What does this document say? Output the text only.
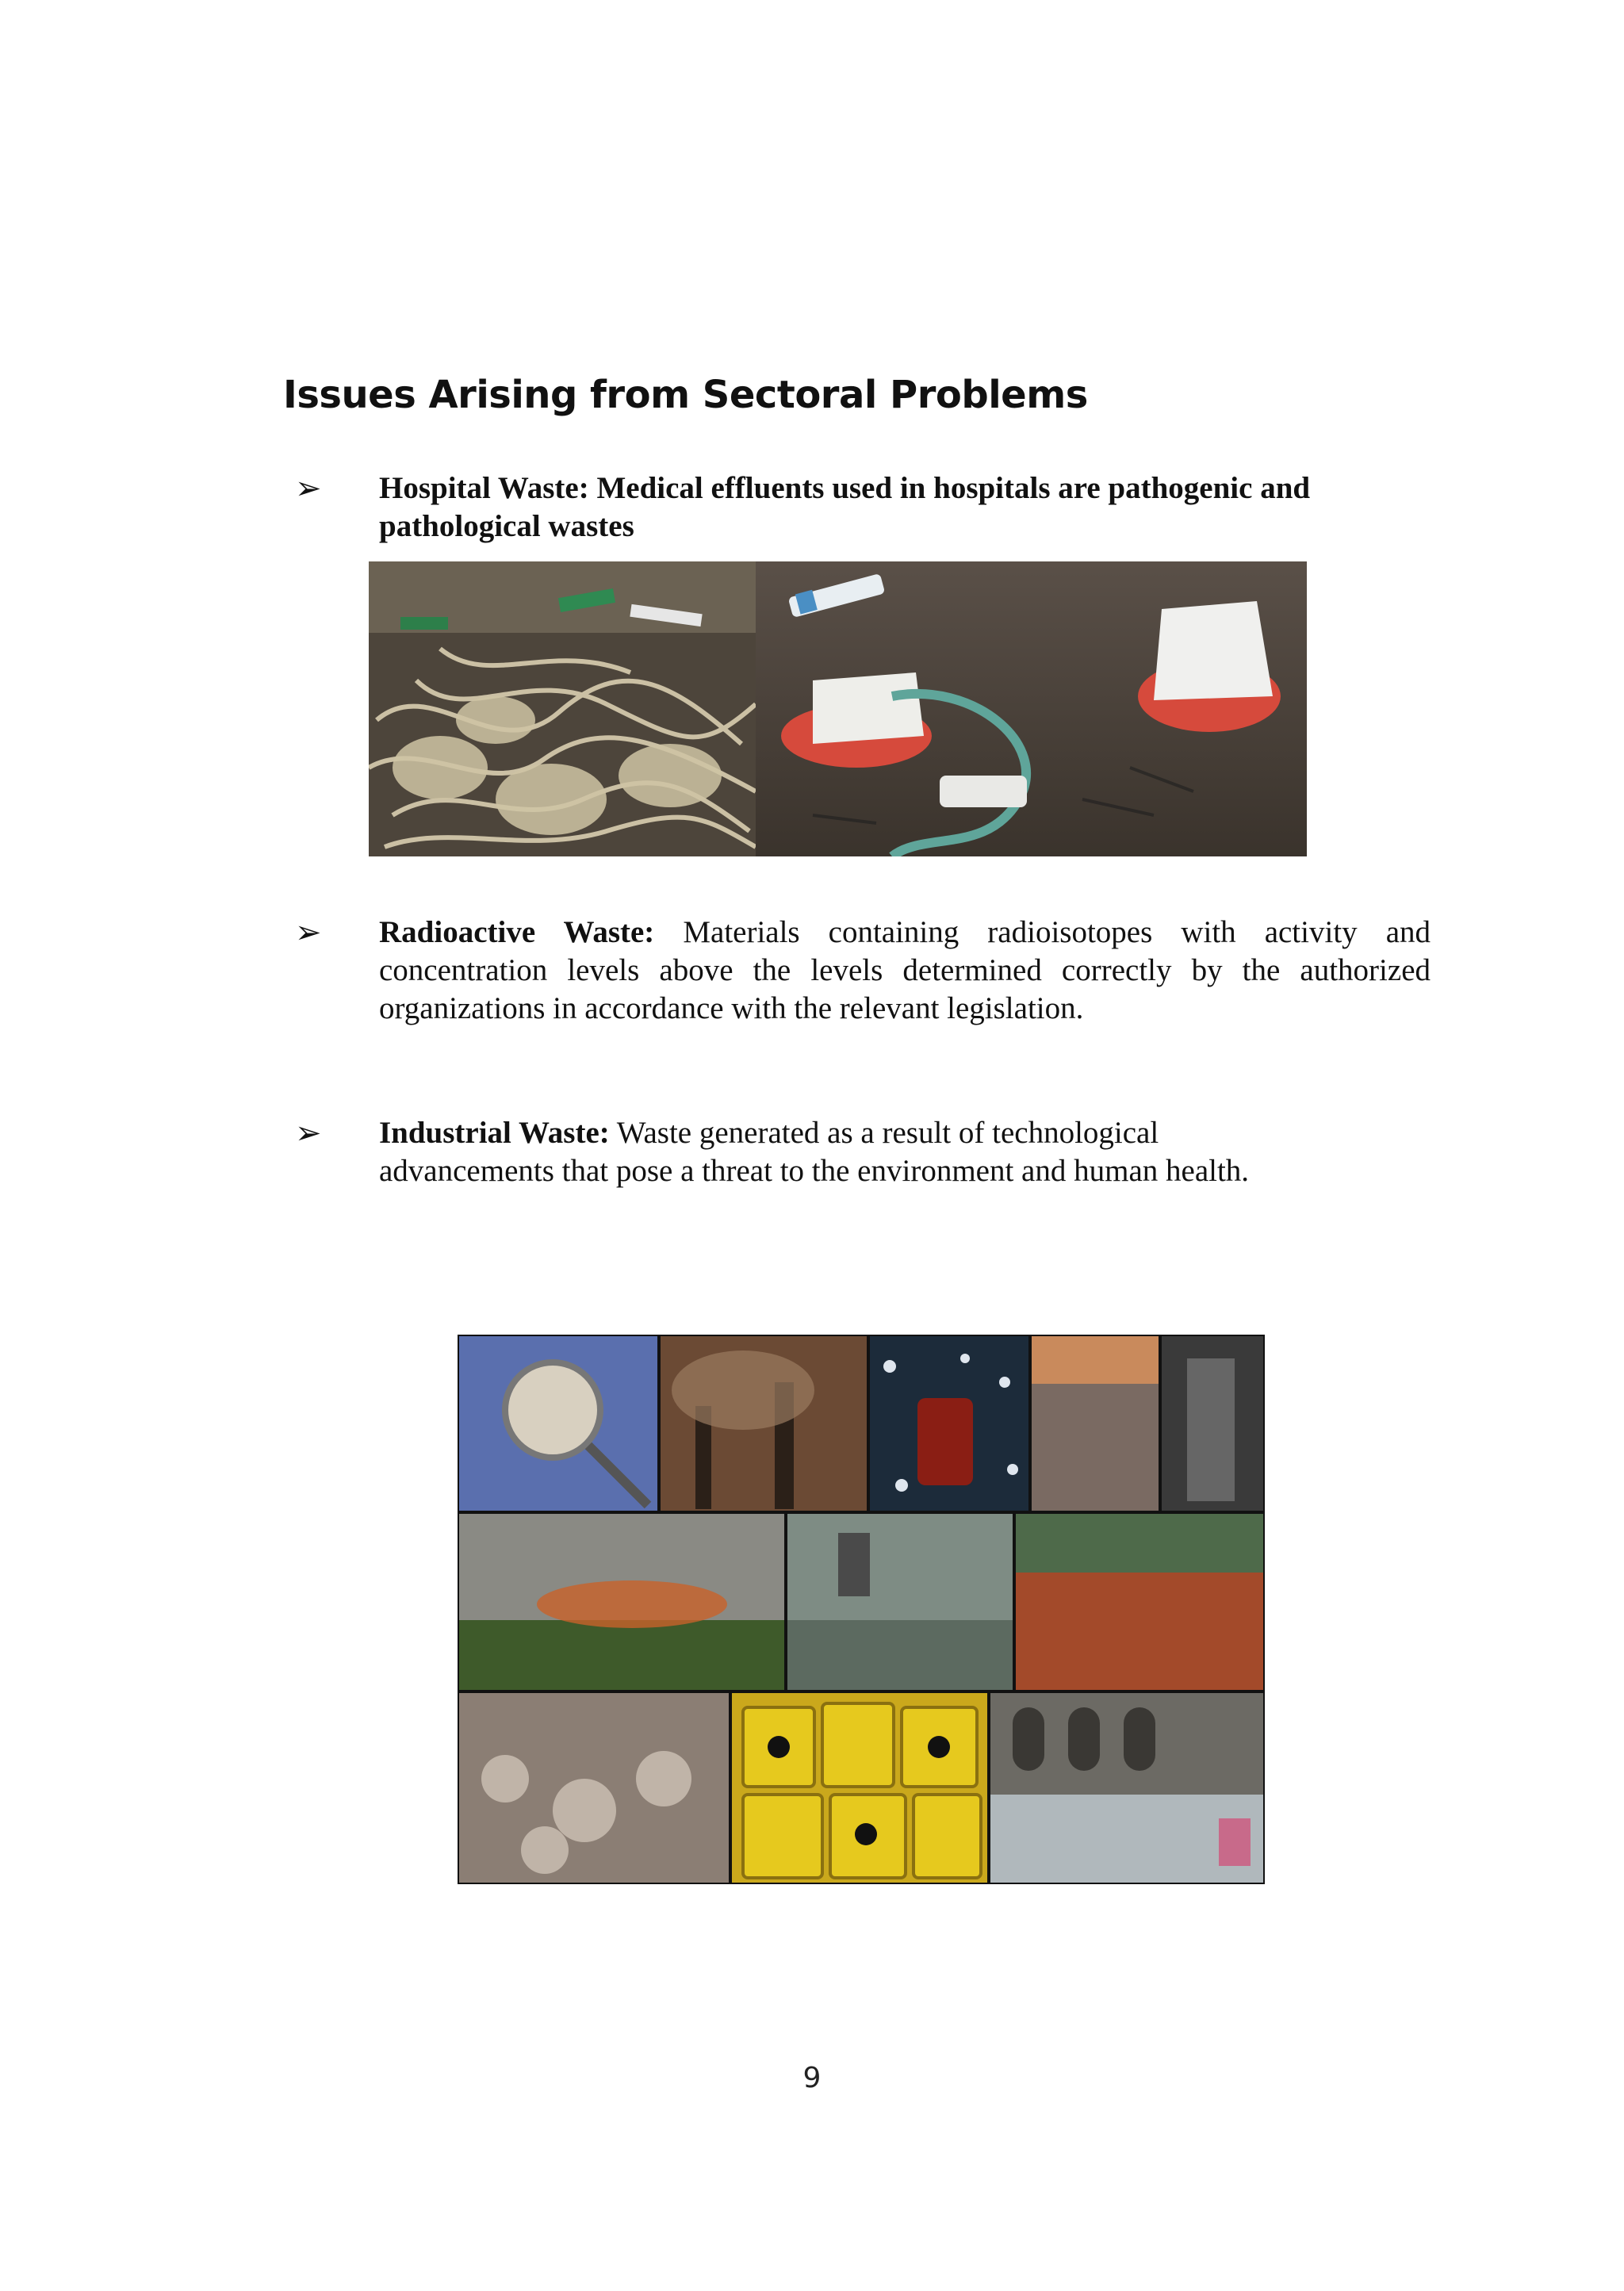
Issues Arising from Sectoral Problems
➢ Hospital Waste: Medical effluents used in hospitals are pathogenic and pathological wastes
➢ Radioactive Waste: Materials containing radioisotopes with activity and concentration levels above the levels determined correctly by the authorized organizations in accordance with the relevant legislation.
➢ Industrial Waste: Waste generated as a result of technological advancements that pose a threat to the environment and human health.
9
